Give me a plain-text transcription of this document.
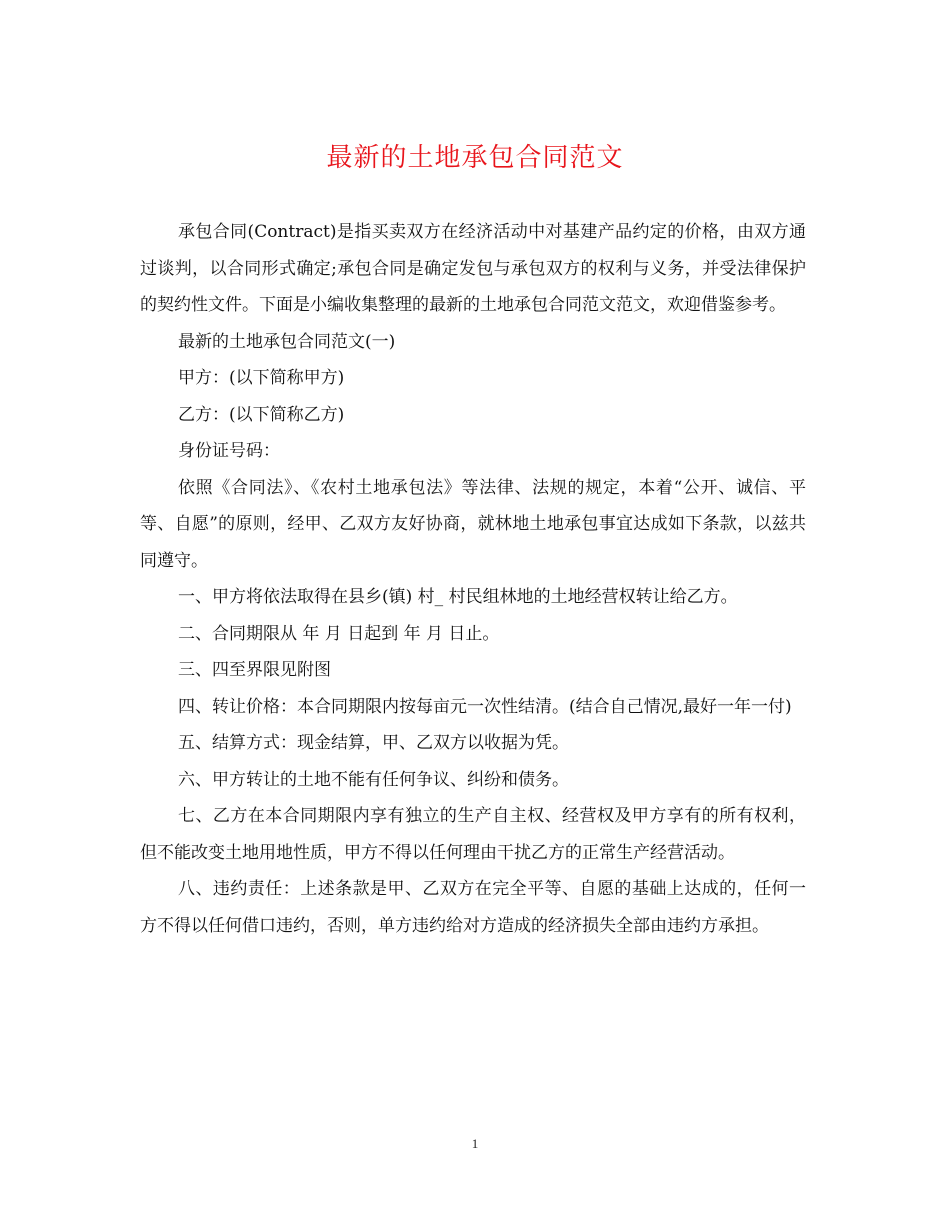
最新的土地承包合同范文

承包合同(Contract)是指买卖双方在经济活动中对基建产品约定的价格，由双方通过谈判，以合同形式确定;承包合同是确定发包与承包双方的权利与义务，并受法律保护的契约性文件。下面是小编收集整理的最新的土地承包合同范文范文，欢迎借鉴参考。

最新的土地承包合同范文(一)

甲方：(以下简称甲方)

乙方：(以下简称乙方)

身份证号码：

依照《合同法》、《农村土地承包法》等法律、法规的规定，本着“公开、诚信、平等、自愿”的原则，经甲、乙双方友好协商，就林地土地承包事宜达成如下条款，以兹共同遵守。

一、甲方将依法取得在县乡(镇) 村_ 村民组林地的土地经营权转让给乙方。

二、合同期限从 年 月 日起到 年 月 日止。

三、四至界限见附图

四、转让价格：本合同期限内按每亩元一次性结清。(结合自己情况,最好一年一付)

五、结算方式：现金结算，甲、乙双方以收据为凭。

六、甲方转让的土地不能有任何争议、纠纷和债务。

七、乙方在本合同期限内享有独立的生产自主权、经营权及甲方享有的所有权利，但不能改变土地用地性质，甲方不得以任何理由干扰乙方的正常生产经营活动。

八、违约责任：上述条款是甲、乙双方在完全平等、自愿的基础上达成的，任何一方不得以任何借口违约，否则，单方违约给对方造成的经济损失全部由违约方承担。

1
